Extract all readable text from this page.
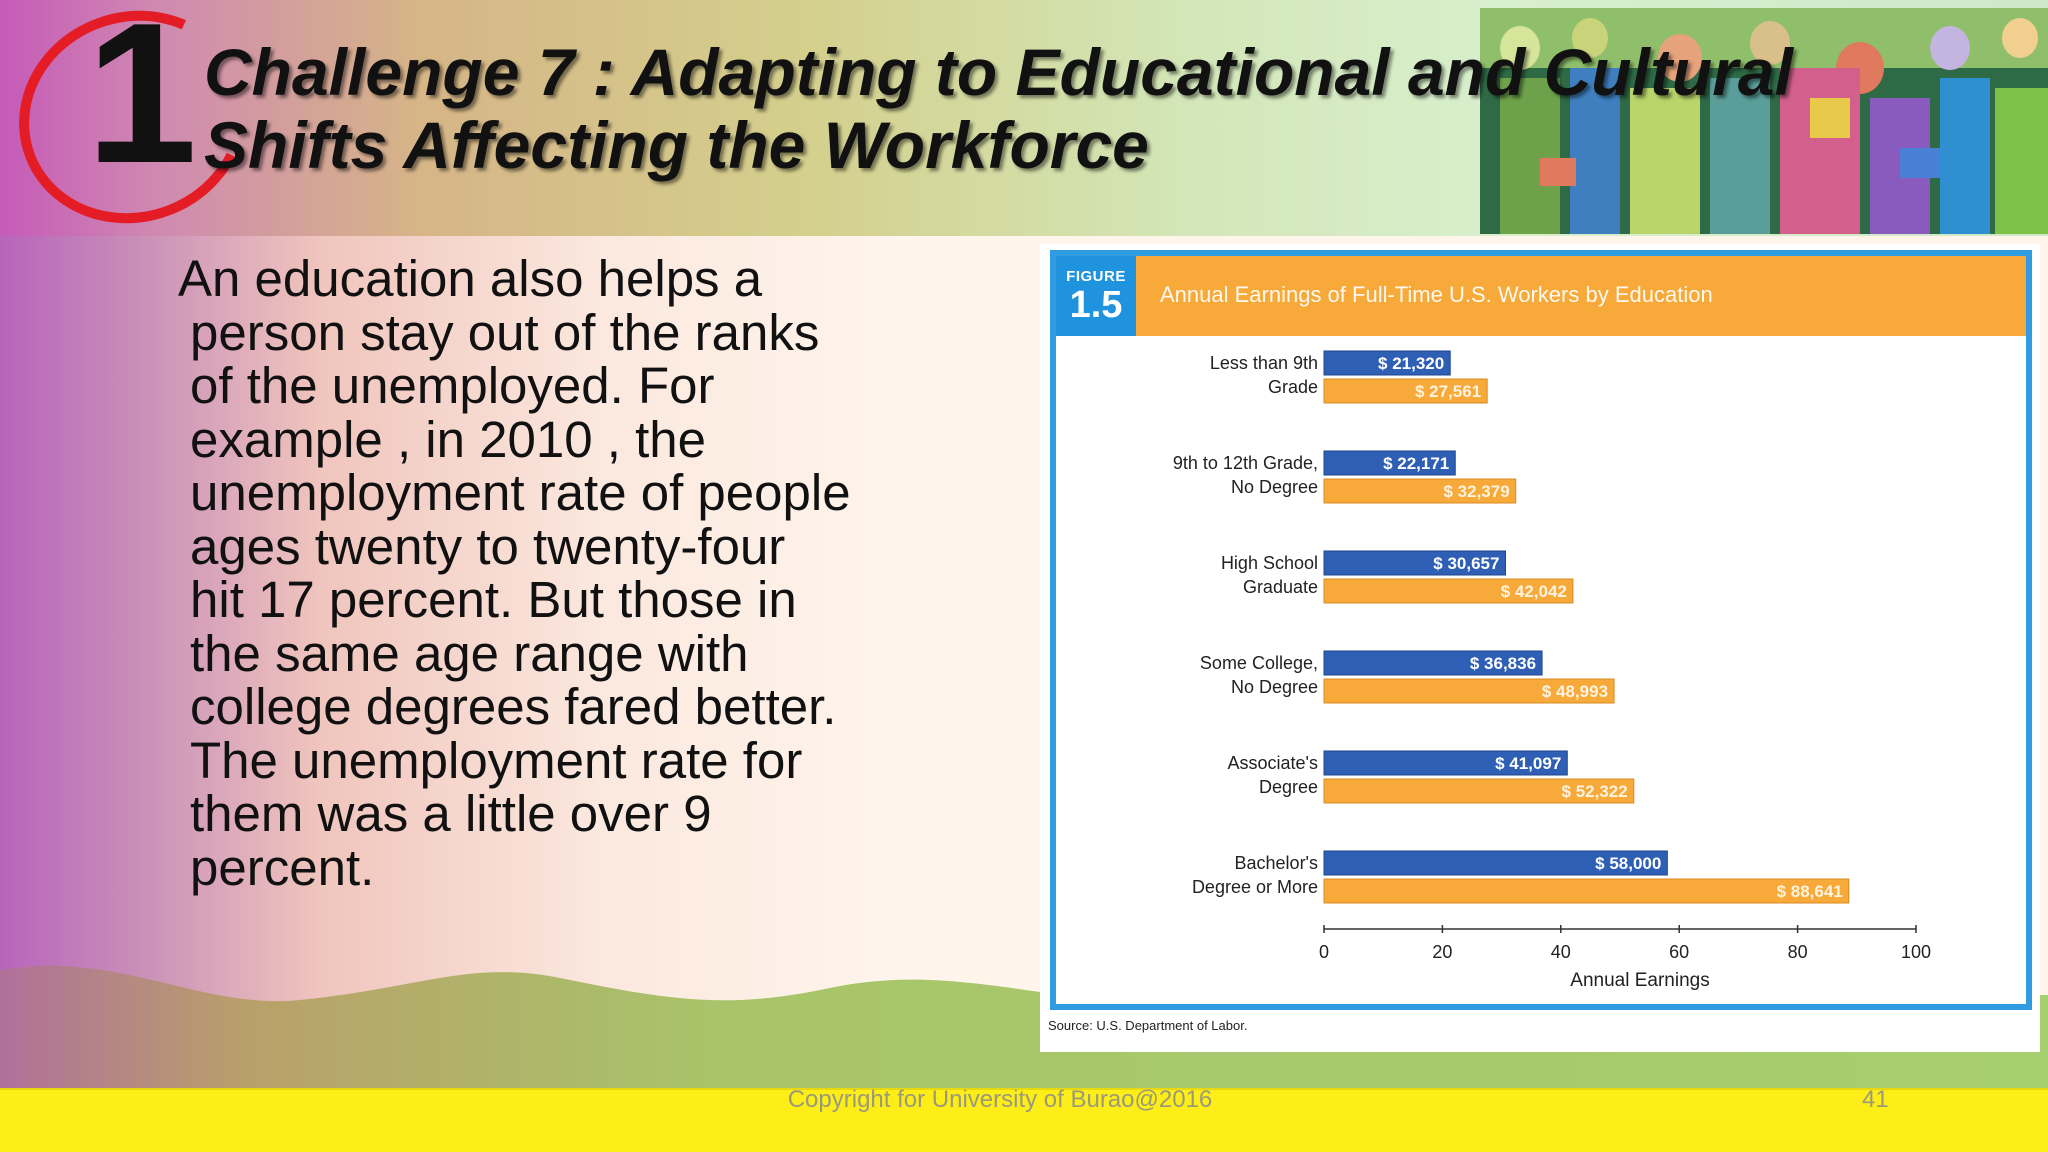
1 Challenge 7 : Adapting to Educational and Cultural
Shifts Affecting the Workforce
An education also helps a
person stay out of the ranks
of the unemployed. For
example , in 2010 , the
unemployment rate of people
ages twenty to twenty-four
hit 17 percent. But those in
the same age range with
college degrees fared better.
The unemployment rate for
them was a little over 9
percent.
Copyright for University of Burao@2016	41
FIGURE
1.5	Annual Earnings of Full-Time U.S. Workers by Education
Less than 9th
Grade
$ 21,320
$ 27,561
9th to 12th Grade,
No Degree
$ 22,171
$ 32,379
High School
Graduate
$ 30,657
$ 42,042
Some College,
No Degree
$ 36,836
$ 48,993
Associate's
Degree
$ 41,097
$ 52,322
Bachelor's
Degree or More
$ 58,000
$ 88,641
0	20	40	60	80	100
Annual Earnings
Source: U.S. Department of Labor.
